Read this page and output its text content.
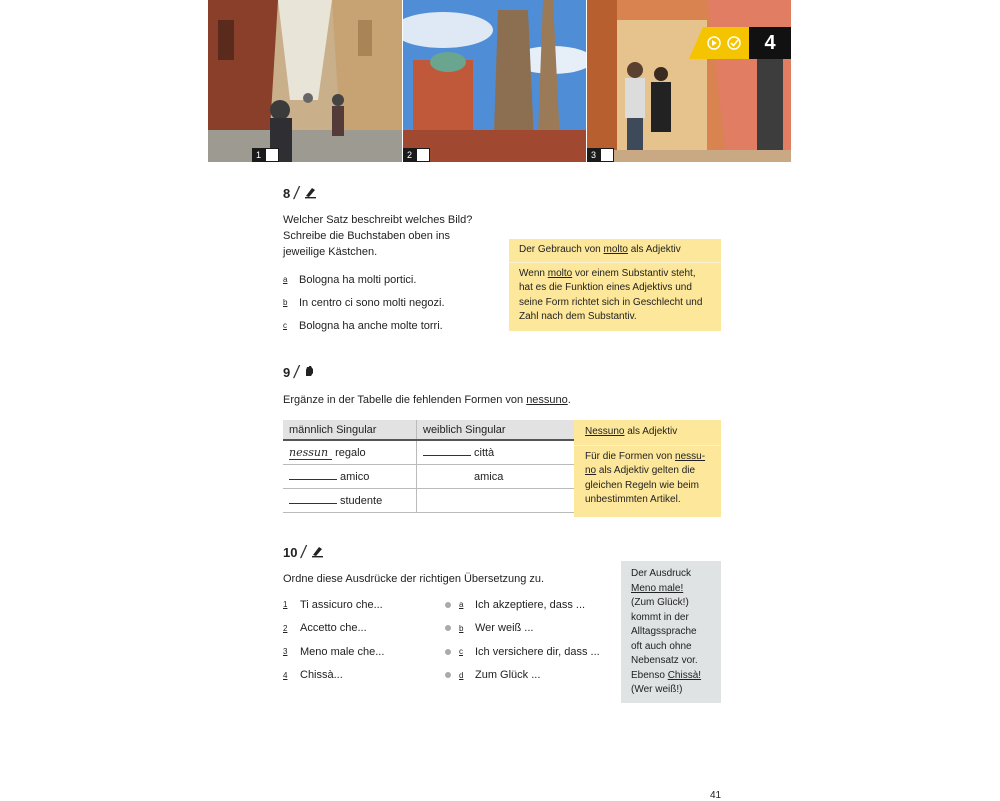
1	2	3
4
8 /
Welcher Satz beschreibt welches Bild?
Schreibe die Buchstaben oben ins
jeweilige Kästchen.
a	Bologna ha molti portici.
b	In centro ci sono molti negozi.
c	Bologna ha anche molte torri.
Der Gebrauch von molto als Adjektiv
Wenn molto vor einem Substantiv steht,
hat es die Funktion eines Adjektivs und
seine Form richtet sich in Geschlecht und
Zahl nach dem Substantiv.
9 /
Ergänze in der Tabelle die fehlenden Formen von nessuno.
männlich Singular	weiblich Singular
nessun regalo	città
amico	amica
studente	
Nessuno als Adjektiv
Für die Formen von nessu-
no als Adjektiv gelten die
gleichen Regeln wie beim
unbestimmten Artikel.
10 /
Ordne diese Ausdrücke der richtigen Übersetzung zu.
1	Ti assicuro che...
2	Accetto che...
3	Meno male che...
4	Chissà...
a	Ich akzeptiere, dass ...
b	Wer weiß ...
c	Ich versichere dir, dass ...
d	Zum Glück ...
Der Ausdruck
Meno male!
(Zum Glück!)
kommt in der
Alltagssprache
oft auch ohne
Nebensatz vor.
Ebenso Chissà!
(Wer weiß!)
41
